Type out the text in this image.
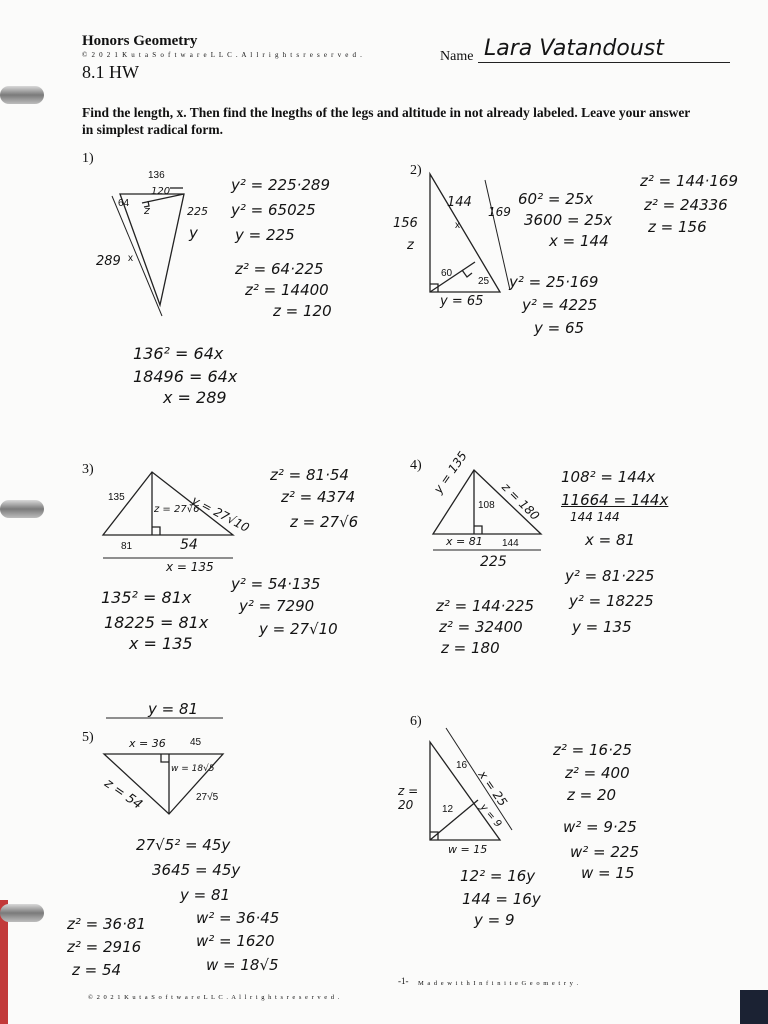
Honors Geometry
© 2 0 2 1 K u t a S o f t w a r e L L C . A l l r i g h t s r e s e r v e d .
8.1 HW
Name Lara Vatandoust
Find the length, x. Then find the lnegths of the legs and altitude in not already labeled. Leave your answer in simplest radical form.
1)
136
64
x
120
z	225
y
289
y² = 225·289
y² = 65025
y = 225
z² = 64·225
z² = 14400
z = 120
136² = 64x
18496 = 64x
x = 289
2)
156
z
144
x
169
60
25
y = 65
60² = 25x
3600 = 25x
x = 144
z² = 144·169
z² = 24336
z = 156
y² = 25·169
y² = 4225
y = 65
3)
135
z = 27√6
y = 27√10
81	54
x = 135
z² = 81·54
z² = 4374
z = 27√6
135² = 81x
18225 = 81x
x = 135
y² = 54·135
y² = 7290
y = 27√10
4) y = 135
108 z = 180
x = 81 144
225
108² = 144x
11664 = 144x
144 144
x = 81
z² = 144·225
z² = 32400
z = 180
y² = 81·225
y² = 18225
y = 135
5)
y = 81
x = 36 45
w = 18√5
z = 54	27√5
27√5² = 45y
3645 = 45y
y = 81
z² = 36·81
z² = 2916
z = 54
w² = 36·45
w² = 1620
w = 18√5
6)
16
x = 25
z = 20	12 y = 9
w = 15
z² = 16·25
z² = 400
z = 20
w² = 9·25
w² = 225
w = 15
12² = 16y
144 = 16y
y = 9
© 2 0 2 1 K u t a S o f t w a r e L L C . A l l r i g h t s r e s e r v e d .
-1- M a d e w i t h I n f i n i t e G e o m e t r y .
